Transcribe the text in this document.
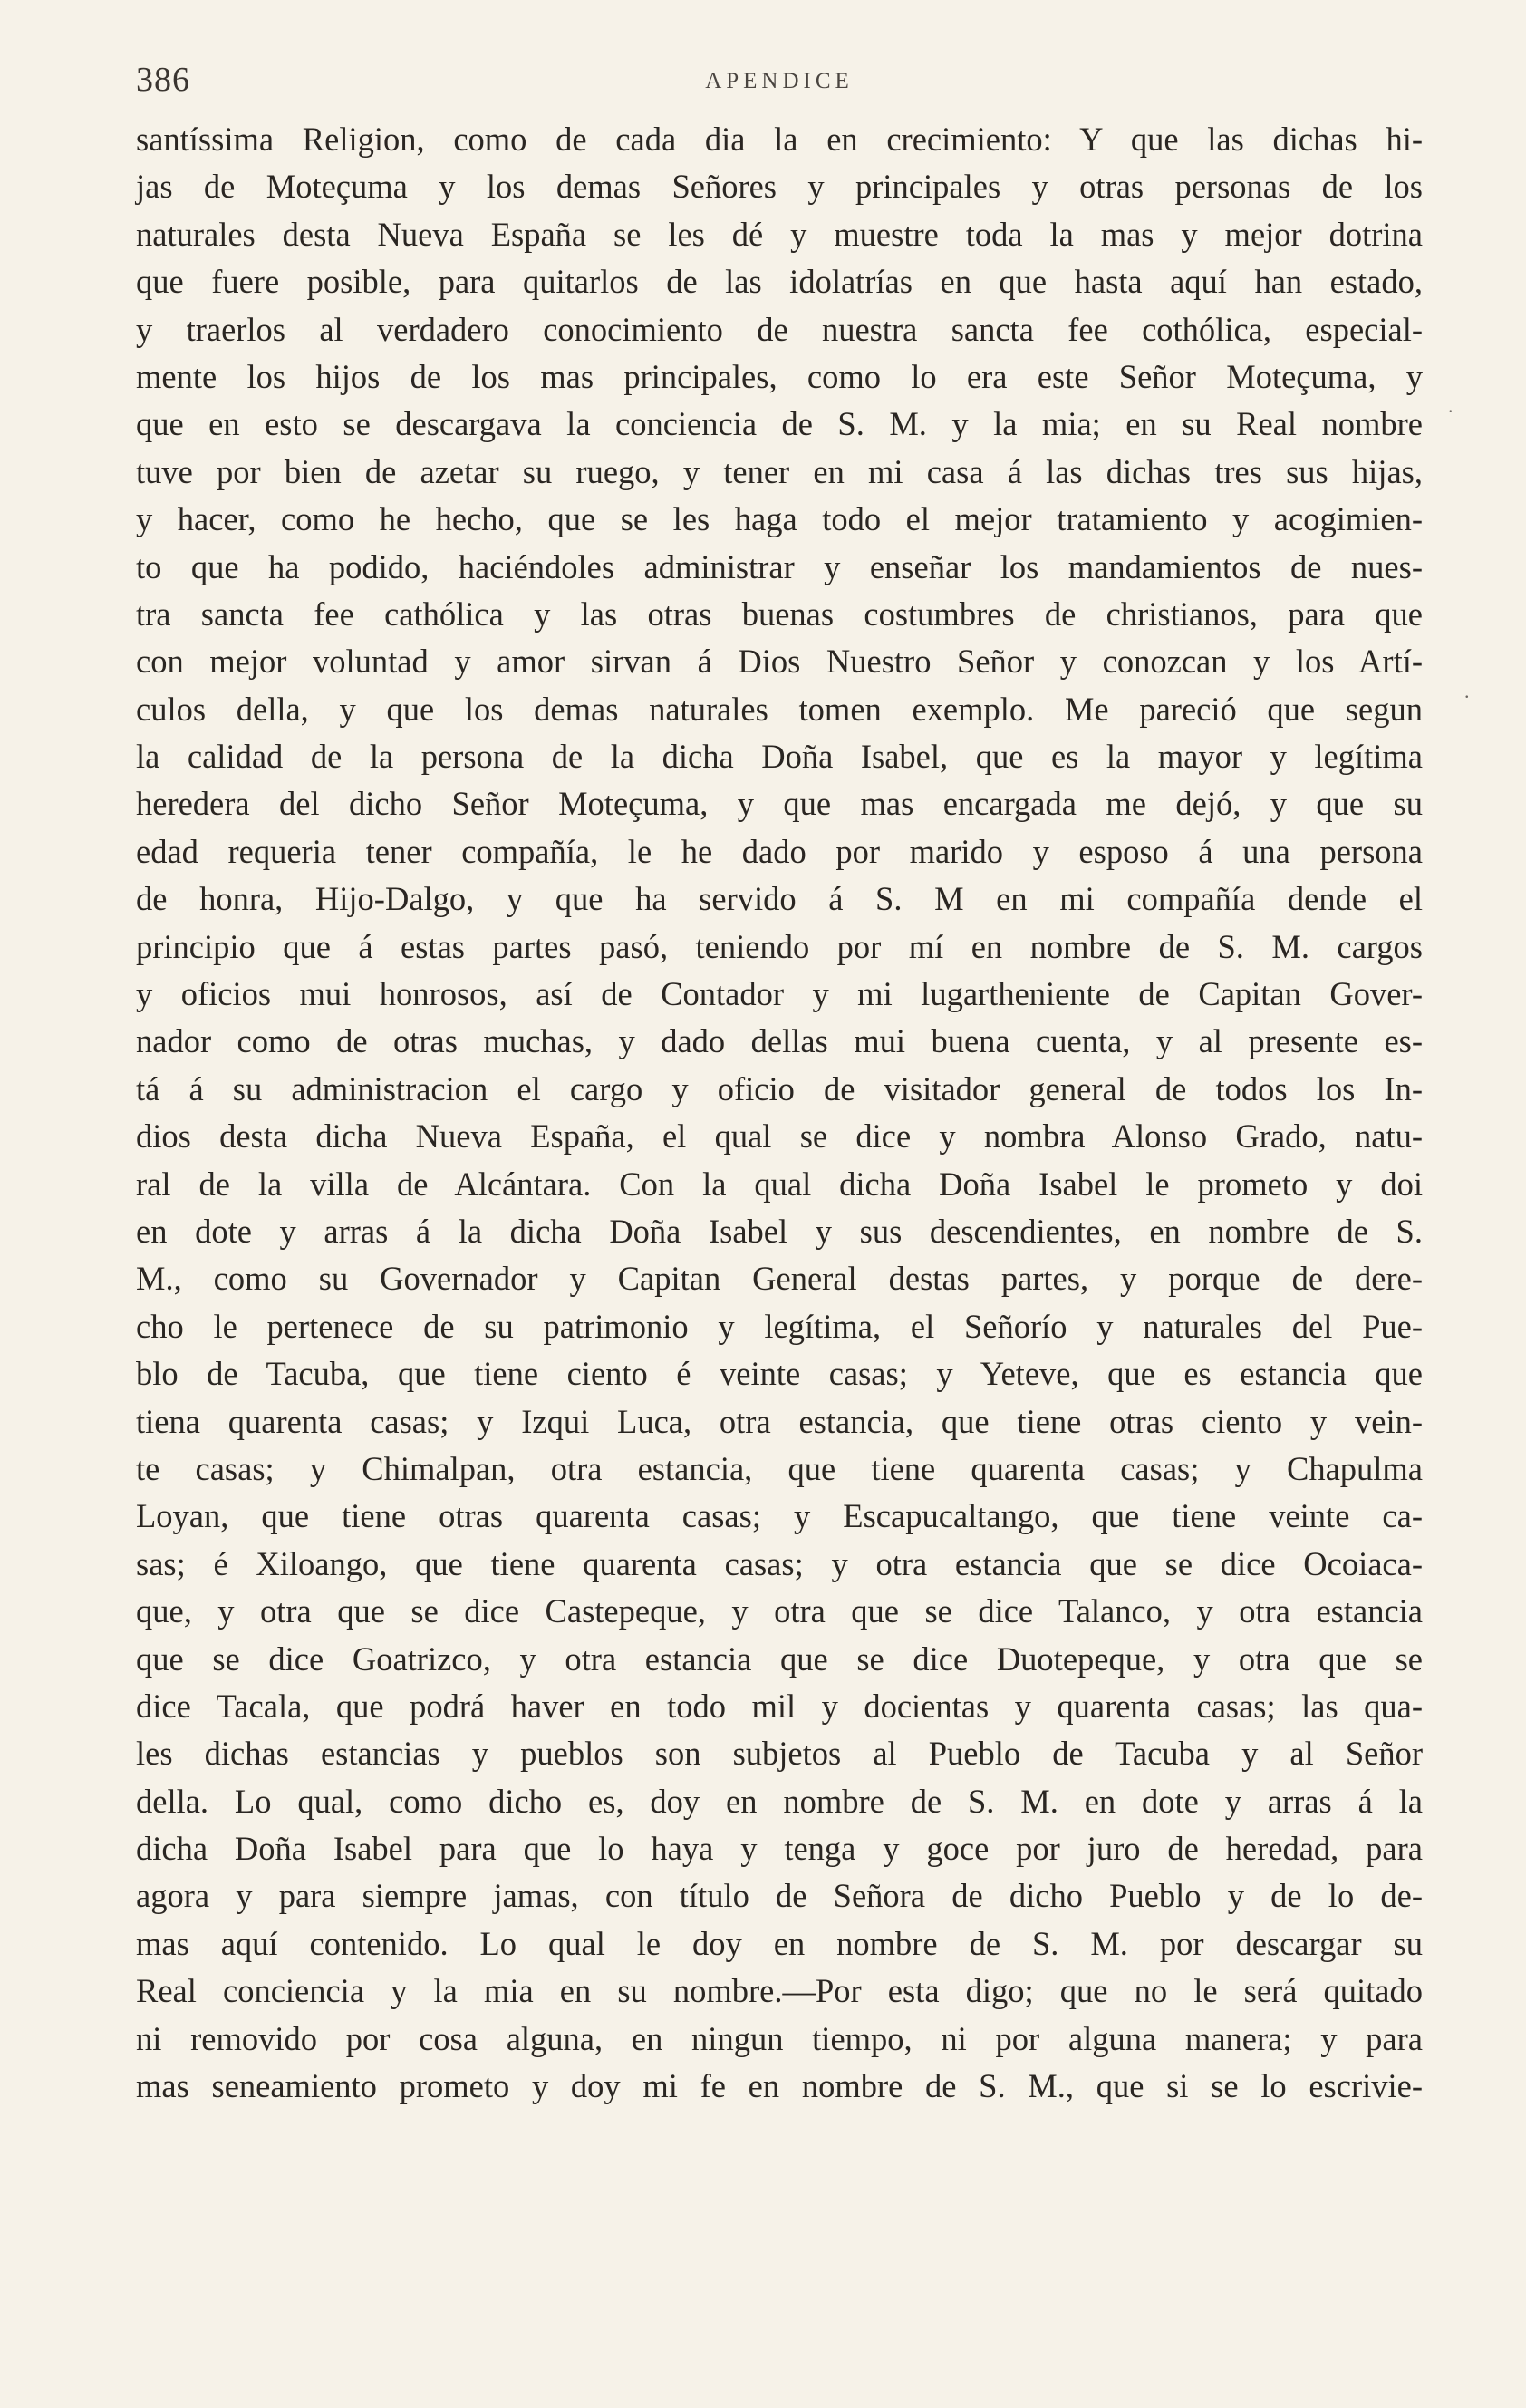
386	APENDICE
.
.
santíssima Religion, como de cada dia la en crecimiento: Y que las dichas hi-
jas de Moteçuma y los demas Señores y principales y otras personas de los
naturales desta Nueva España se les dé y muestre toda la mas y mejor dotrina
que fuere posible, para quitarlos de las idolatrías en que hasta aquí han estado,
y traerlos al verdadero conocimiento de nuestra sancta fee cothólica, especial-
mente los hijos de los mas principales, como lo era este Señor Moteçuma, y
que en esto se descargava la conciencia de S. M. y la mia; en su Real nombre
tuve por bien de azetar su ruego, y tener en mi casa á las dichas tres sus hijas,
y hacer, como he hecho, que se les haga todo el mejor tratamiento y acogimien-
to que ha podido, haciéndoles administrar y enseñar los mandamientos de nues-
tra sancta fee cathólica y las otras buenas costumbres de christianos, para que
con mejor voluntad y amor sirvan á Dios Nuestro Señor y conozcan y los Artí-
culos della, y que los demas naturales tomen exemplo. Me pareció que segun
la calidad de la persona de la dicha Doña Isabel, que es la mayor y legítima
heredera del dicho Señor Moteçuma, y que mas encargada me dejó, y que su
edad requeria tener compañía, le he dado por marido y esposo á una persona
de honra, Hijo-Dalgo, y que ha servido á S. M en mi compañía dende el
principio que á estas partes pasó, teniendo por mí en nombre de S. M. cargos
y oficios mui honrosos, así de Contador y mi lugartheniente de Capitan Gover-
nador como de otras muchas, y dado dellas mui buena cuenta, y al presente es-
tá á su administracion el cargo y oficio de visitador general de todos los In-
dios desta dicha Nueva España, el qual se dice y nombra Alonso Grado, natu-
ral de la villa de Alcántara. Con la qual dicha Doña Isabel le prometo y doi
en dote y arras á la dicha Doña Isabel y sus descendientes, en nombre de S.
M., como su Governador y Capitan General destas partes, y porque de dere-
cho le pertenece de su patrimonio y legítima, el Señorío y naturales del Pue-
blo de Tacuba, que tiene ciento é veinte casas; y Yeteve, que es estancia que
tiena quarenta casas; y Izqui Luca, otra estancia, que tiene otras ciento y vein-
te casas; y Chimalpan, otra estancia, que tiene quarenta casas; y Chapulma
Loyan, que tiene otras quarenta casas; y Escapucaltango, que tiene veinte ca-
sas; é Xiloango, que tiene quarenta casas; y otra estancia que se dice Ocoiaca-
que, y otra que se dice Castepeque, y otra que se dice Talanco, y otra estancia
que se dice Goatrizco, y otra estancia que se dice Duotepeque, y otra que se
dice Tacala, que podrá haver en todo mil y docientas y quarenta casas; las qua-
les dichas estancias y pueblos son subjetos al Pueblo de Tacuba y al Señor
della. Lo qual, como dicho es, doy en nombre de S. M. en dote y arras á la
dicha Doña Isabel para que lo haya y tenga y goce por juro de heredad, para
agora y para siempre jamas, con título de Señora de dicho Pueblo y de lo de-
mas aquí contenido. Lo qual le doy en nombre de S. M. por descargar su
Real conciencia y la mia en su nombre.—Por esta digo; que no le será quitado
ni removido por cosa alguna, en ningun tiempo, ni por alguna manera; y para
mas seneamiento prometo y doy mi fe en nombre de S. M., que si se lo escrivie-
